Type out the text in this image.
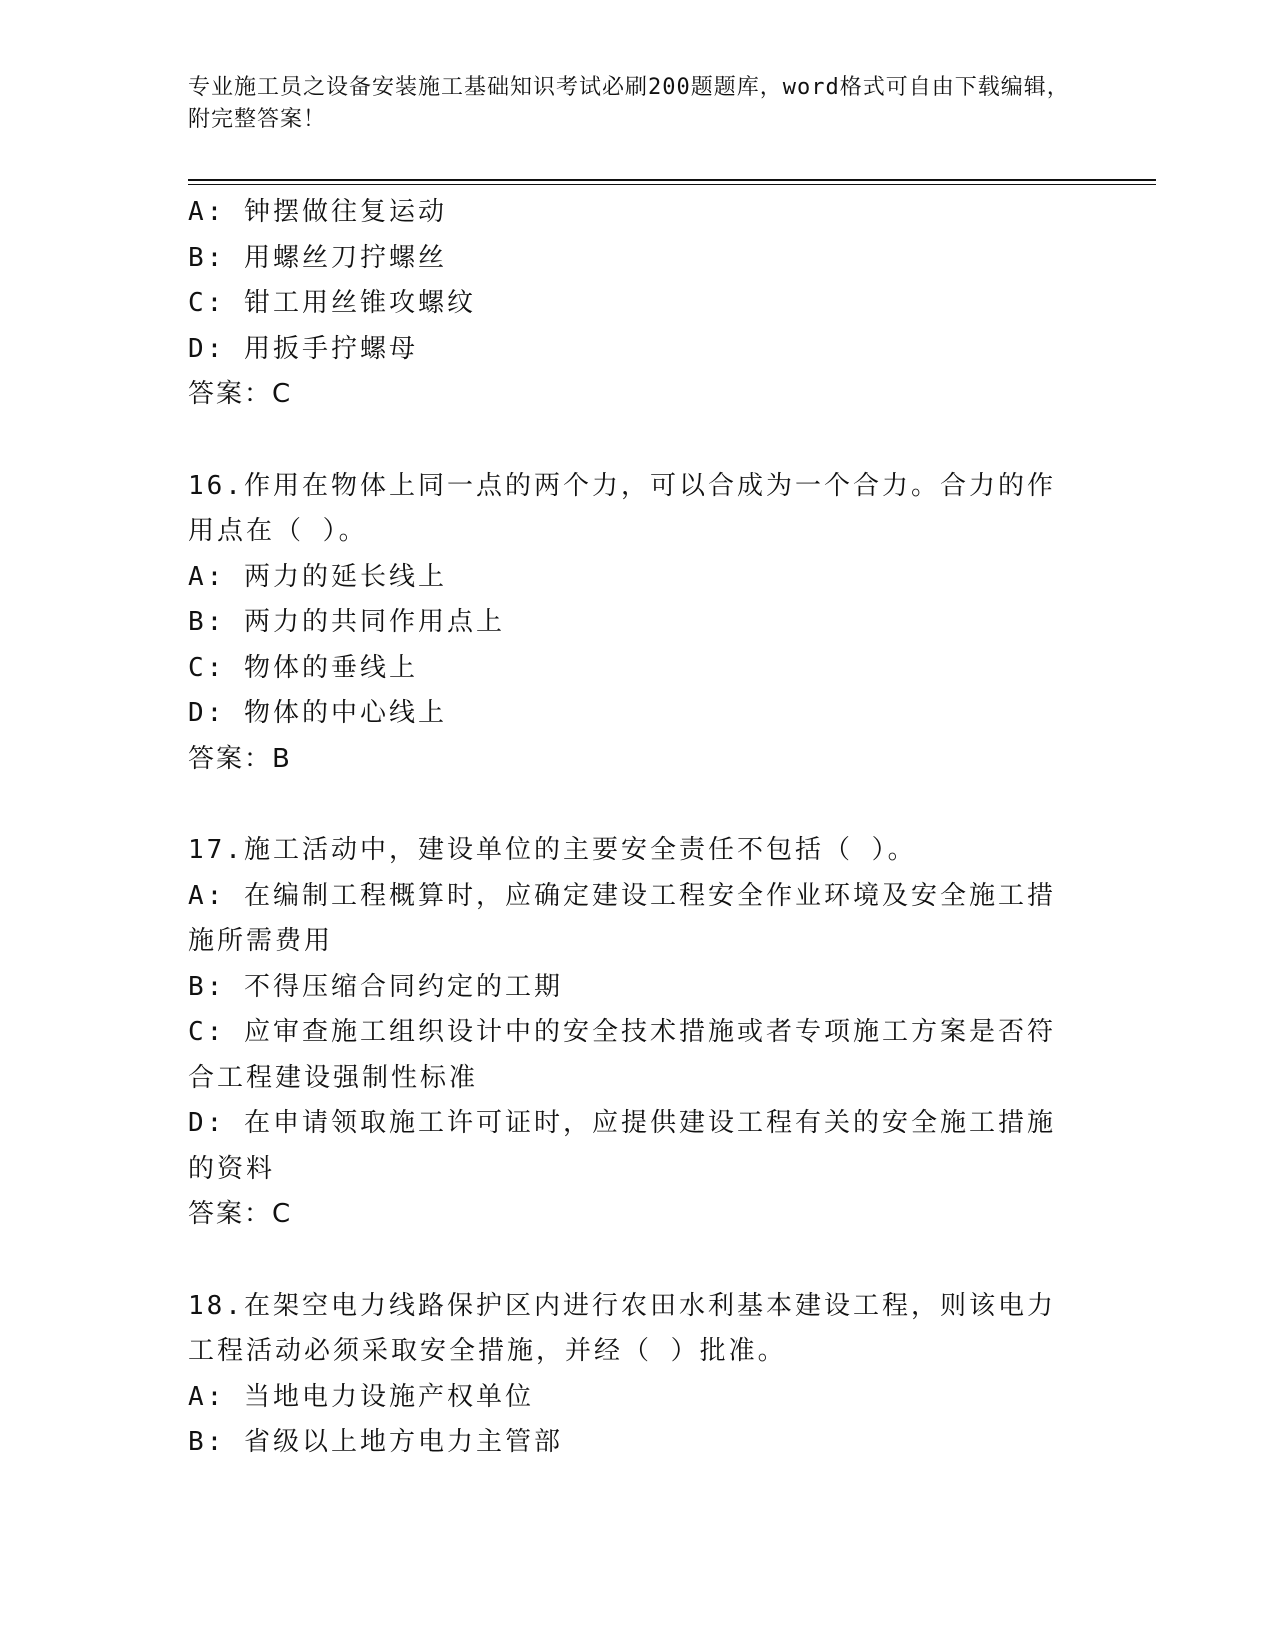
专业施工员之设备安装施工基础知识考试必刷200题题库，word格式可自由下载编辑，附完整答案！

A: 钟摆做往复运动

B: 用螺丝刀拧螺丝

C: 钳工用丝锥攻螺纹

D: 用扳手拧螺母

答案：C

16.作用在物体上同一点的两个力，可以合成为一个合力。合力的作用点在（ ）。

A: 两力的延长线上

B: 两力的共同作用点上

C: 物体的垂线上

D: 物体的中心线上

答案：B

17.施工活动中，建设单位的主要安全责任不包括（ ）。

A: 在编制工程概算时，应确定建设工程安全作业环境及安全施工措施所需费用

B: 不得压缩合同约定的工期

C: 应审查施工组织设计中的安全技术措施或者专项施工方案是否符合工程建设强制性标准

D: 在申请领取施工许可证时，应提供建设工程有关的安全施工措施的资料

答案：C

18.在架空电力线路保护区内进行农田水利基本建设工程，则该电力工程活动必须采取安全措施，并经（ ）批准。

A: 当地电力设施产权单位

B: 省级以上地方电力主管部
